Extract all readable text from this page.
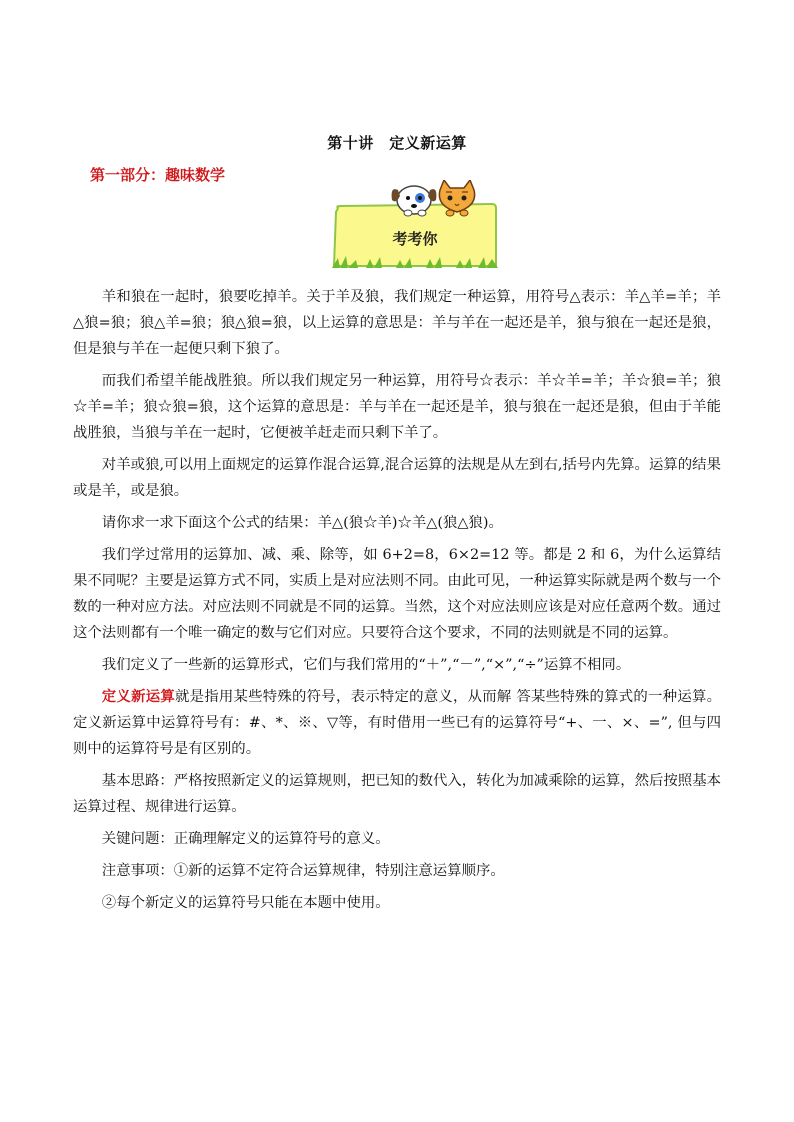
第十讲　定义新运算
第一部分：趣味数学
考考你

羊和狼在一起时，狼要吃掉羊。关于羊及狼，我们规定一种运算，用符号△表示：羊△羊=羊；羊△狼=狼；狼△羊=狼；狼△狼=狼，以上运算的意思是：羊与羊在一起还是羊，狼与狼在一起还是狼，但是狼与羊在一起便只剩下狼了。

而我们希望羊能战胜狼。所以我们规定另一种运算，用符号☆表示：羊☆羊=羊；羊☆狼=羊；狼☆羊=羊；狼☆狼=狼，这个运算的意思是：羊与羊在一起还是羊，狼与狼在一起还是狼，但由于羊能战胜狼，当狼与羊在一起时，它便被羊赶走而只剩下羊了。

对羊或狼,可以用上面规定的运算作混合运算,混合运算的法规是从左到右,括号内先算。运算的结果或是羊，或是狼。

请你求一求下面这个公式的结果：羊△(狼☆羊)☆羊△(狼△狼)。

我们学过常用的运算加、减、乘、除等，如 6+2=8，6×2=12 等。都是 2 和 6，为什么运算结果不同呢？主要是运算方式不同，实质上是对应法则不同。由此可见，一种运算实际就是两个数与一个数的一种对应方法。对应法则不同就是不同的运算。当然，这个对应法则应该是对应任意两个数。通过这个法则都有一个唯一确定的数与它们对应。只要符合这个要求，不同的法则就是不同的运算。

我们定义了一些新的运算形式，它们与我们常用的“＋”,“－”,“×”,“÷”运算不相同。

定义新运算就是指用某些特殊的符号，表示特定的意义，从而解 答某些特殊的算式的一种运算。定义新运算中运算符号有：#、*、※、▽等，有时借用一些已有的运算符号“+、一、×、=”, 但与四则中的运算符号是有区别的。

基本思路：严格按照新定义的运算规则，把已知的数代入，转化为加减乘除的运算，然后按照基本运算过程、规律进行运算。

关键问题：正确理解定义的运算符号的意义。

注意事项：①新的运算不定符合运算规律，特别注意运算顺序。

②每个新定义的运算符号只能在本题中使用。
